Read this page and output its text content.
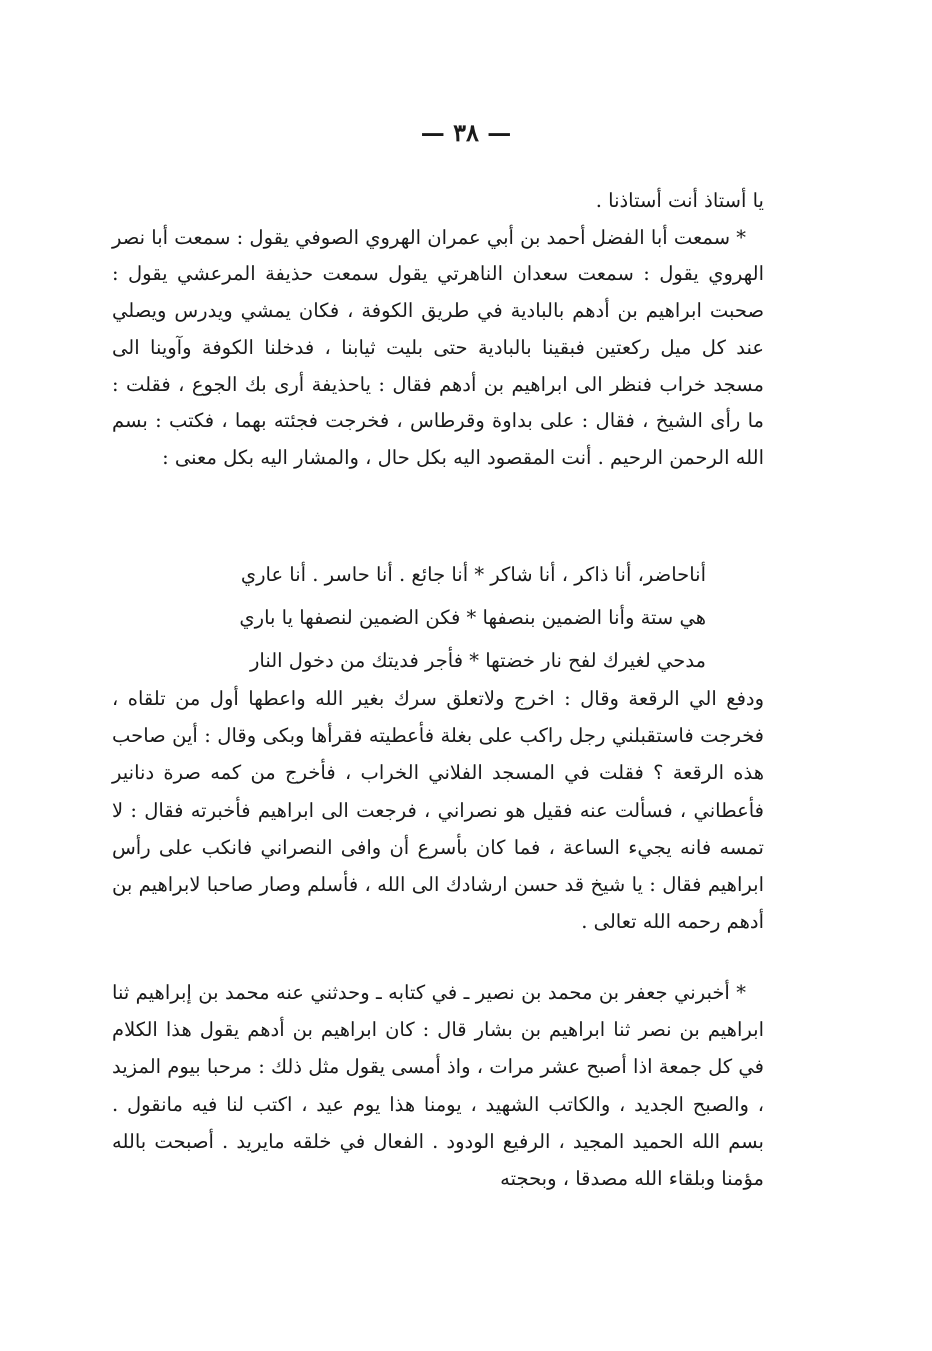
— ٣٨ —

يا أستاذ أنت أستاذنا .

* سمعت أبا الفضل أحمد بن أبي عمران الهروي الصوفي يقول : سمعت أبا نصر الهروي يقول : سمعت سعدان الناهرتي يقول سمعت حذيفة المرعشي يقول : صحبت ابراهيم بن أدهم بالبادية في طريق الكوفة ، فكان يمشي ويدرس ويصلي عند كل ميل ركعتين فبقينا بالبادية حتى بليت ثيابنا ، فدخلنا الكوفة وآوينا الى مسجد خراب فنظر الى ابراهيم بن أدهم فقال : ياحذيفة أرى بك الجوع ، فقلت : ما رأى الشيخ ، فقال : على بداوة وقرطاس ، فخرجت فجئته بهما ، فكتب : بسم الله الرحمن الرحيم . أنت المقصود اليه بكل حال ، والمشار اليه بكل معنى :

أناحاضر، أنا ذاكر ، أنا شاكر * أنا جائع . أنا حاسر . أنا عاري
هي ستة وأنا الضمين بنصفها * فكن الضمين لنصفها يا باري
مدحي لغيرك لفح نار خضتها * فأجر فديتك من دخول النار

ودفع الي الرقعة وقال : اخرج ولاتعلق سرك بغير الله واعطها أول من تلقاه ، فخرجت فاستقبلني رجل راكب على بغلة فأعطيته فقرأها وبكى وقال : أين صاحب هذه الرقعة ؟ فقلت في المسجد الفلاني الخراب ، فأخرج من كمه صرة دنانير فأعطاني ، فسألت عنه فقيل هو نصراني ، فرجعت الى ابراهيم فأخبرته فقال : لا تمسه فانه يجيء الساعة ، فما كان بأسرع أن وافى النصراني فانكب على رأس ابراهيم فقال : يا شيخ قد حسن ارشادك الى الله ، فأسلم وصار صاحبا لابراهيم بن أدهم رحمه الله تعالى .

* أخبرني جعفر بن محمد بن نصير ـ في كتابه ـ وحدثني عنه محمد بن إبراهيم ثنا ابراهيم بن نصر ثنا ابراهيم بن بشار قال : كان ابراهيم بن أدهم يقول هذا الكلام في كل جمعة اذا أصبح عشر مرات ، واذ أمسى يقول مثل ذلك : مرحبا بيوم المزيد ، والصبح الجديد ، والكاتب الشهيد ، يومنا هذا يوم عيد ، اكتب لنا فيه مانقول . بسم الله الحميد المجيد ، الرفيع الودود . الفعال في خلقه مايريد . أصبحت بالله مؤمنا وبلقاء الله مصدقا ، وبحجته
